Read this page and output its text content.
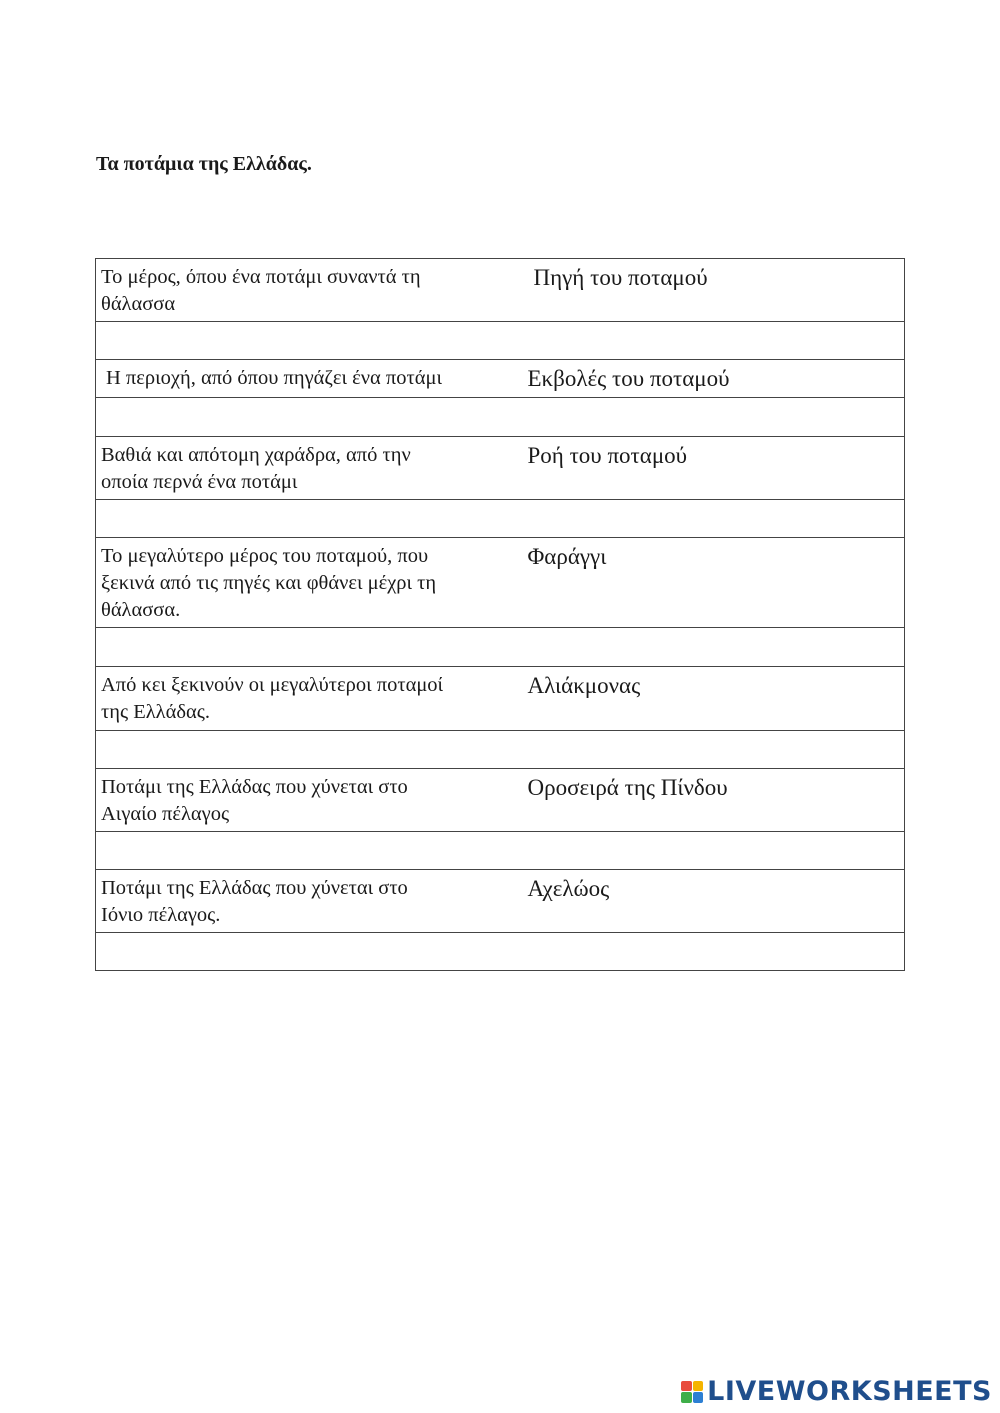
Τα ποτάμια της Ελλάδας.
Το μέρος, όπου ένα ποτάμι συναντά τη
θάλασσα	Πηγή του ποταμού

Η περιοχή, από όπου πηγάζει ένα ποτάμι	Εκβολές του ποταμού

Βαθιά και απότομη χαράδρα, από την
οποία περνά ένα ποτάμι	Ροή του ποταμού

Το μεγαλύτερο μέρος του ποταμού, που
ξεκινά από τις πηγές και φθάνει μέχρι τη
θάλασσα.	Φαράγγι

Από κει ξεκινούν οι μεγαλύτεροι ποταμοί
της Ελλάδας.	Αλιάκμονας

Ποτάμι της Ελλάδας που χύνεται στο
Αιγαίο πέλαγος	Οροσειρά της Πίνδου

Ποτάμι της Ελλάδας που χύνεται στο
Ιόνιο πέλαγος.	Αχελώος

LIVEWORKSHEETS
